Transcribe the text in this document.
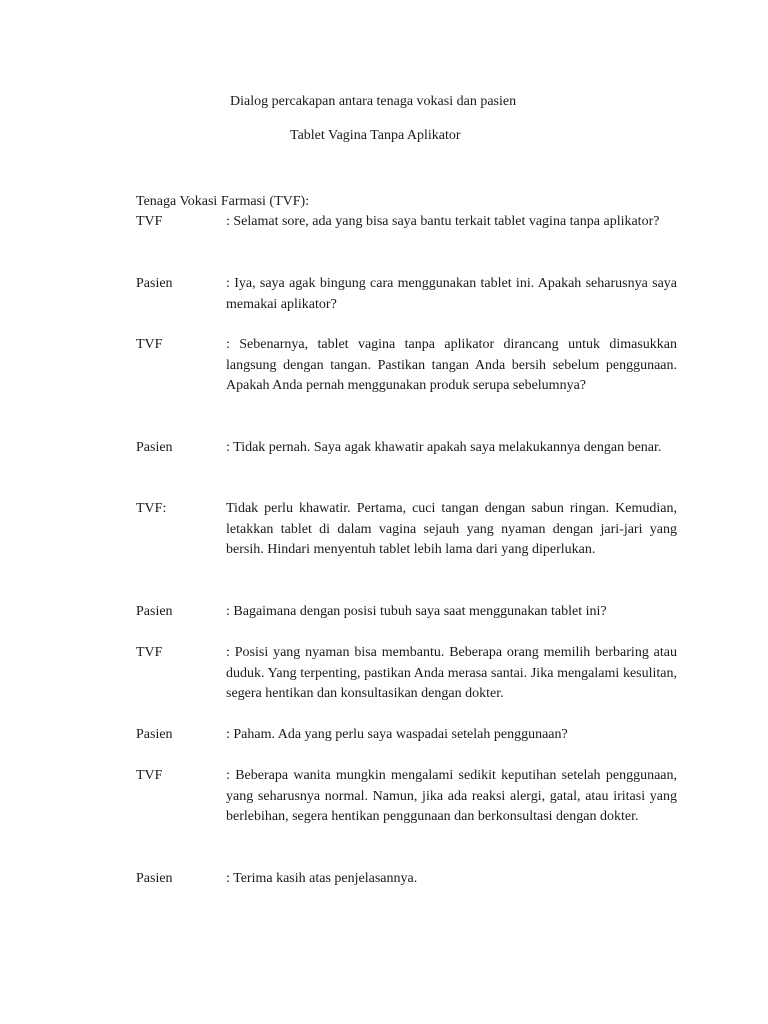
Dialog percakapan antara tenaga vokasi dan pasien
Tablet Vagina Tanpa Aplikator
Tenaga Vokasi Farmasi (TVF):
TVF	: Selamat sore, ada yang bisa saya bantu terkait tablet vagina tanpa aplikator?
Pasien	: Iya, saya agak bingung cara menggunakan tablet ini. Apakah seharusnya saya memakai aplikator?
TVF	: Sebenarnya, tablet vagina tanpa aplikator dirancang untuk dimasukkan langsung dengan tangan. Pastikan tangan Anda bersih sebelum penggunaan. Apakah Anda pernah menggunakan produk serupa sebelumnya?
Pasien	: Tidak pernah. Saya agak khawatir apakah saya melakukannya dengan benar.
TVF:	Tidak perlu khawatir. Pertama, cuci tangan dengan sabun ringan. Kemudian, letakkan tablet di dalam vagina sejauh yang nyaman dengan jari-jari yang bersih. Hindari menyentuh tablet lebih lama dari yang diperlukan.
Pasien	: Bagaimana dengan posisi tubuh saya saat menggunakan tablet ini?
TVF	: Posisi yang nyaman bisa membantu. Beberapa orang memilih berbaring atau duduk. Yang terpenting, pastikan Anda merasa santai. Jika mengalami kesulitan, segera hentikan dan konsultasikan dengan dokter.
Pasien	: Paham. Ada yang perlu saya waspadai setelah penggunaan?
TVF	: Beberapa wanita mungkin mengalami sedikit keputihan setelah penggunaan, yang seharusnya normal. Namun, jika ada reaksi alergi, gatal, atau iritasi yang berlebihan, segera hentikan penggunaan dan berkonsultasi dengan dokter.
Pasien	: Terima kasih atas penjelasannya.
